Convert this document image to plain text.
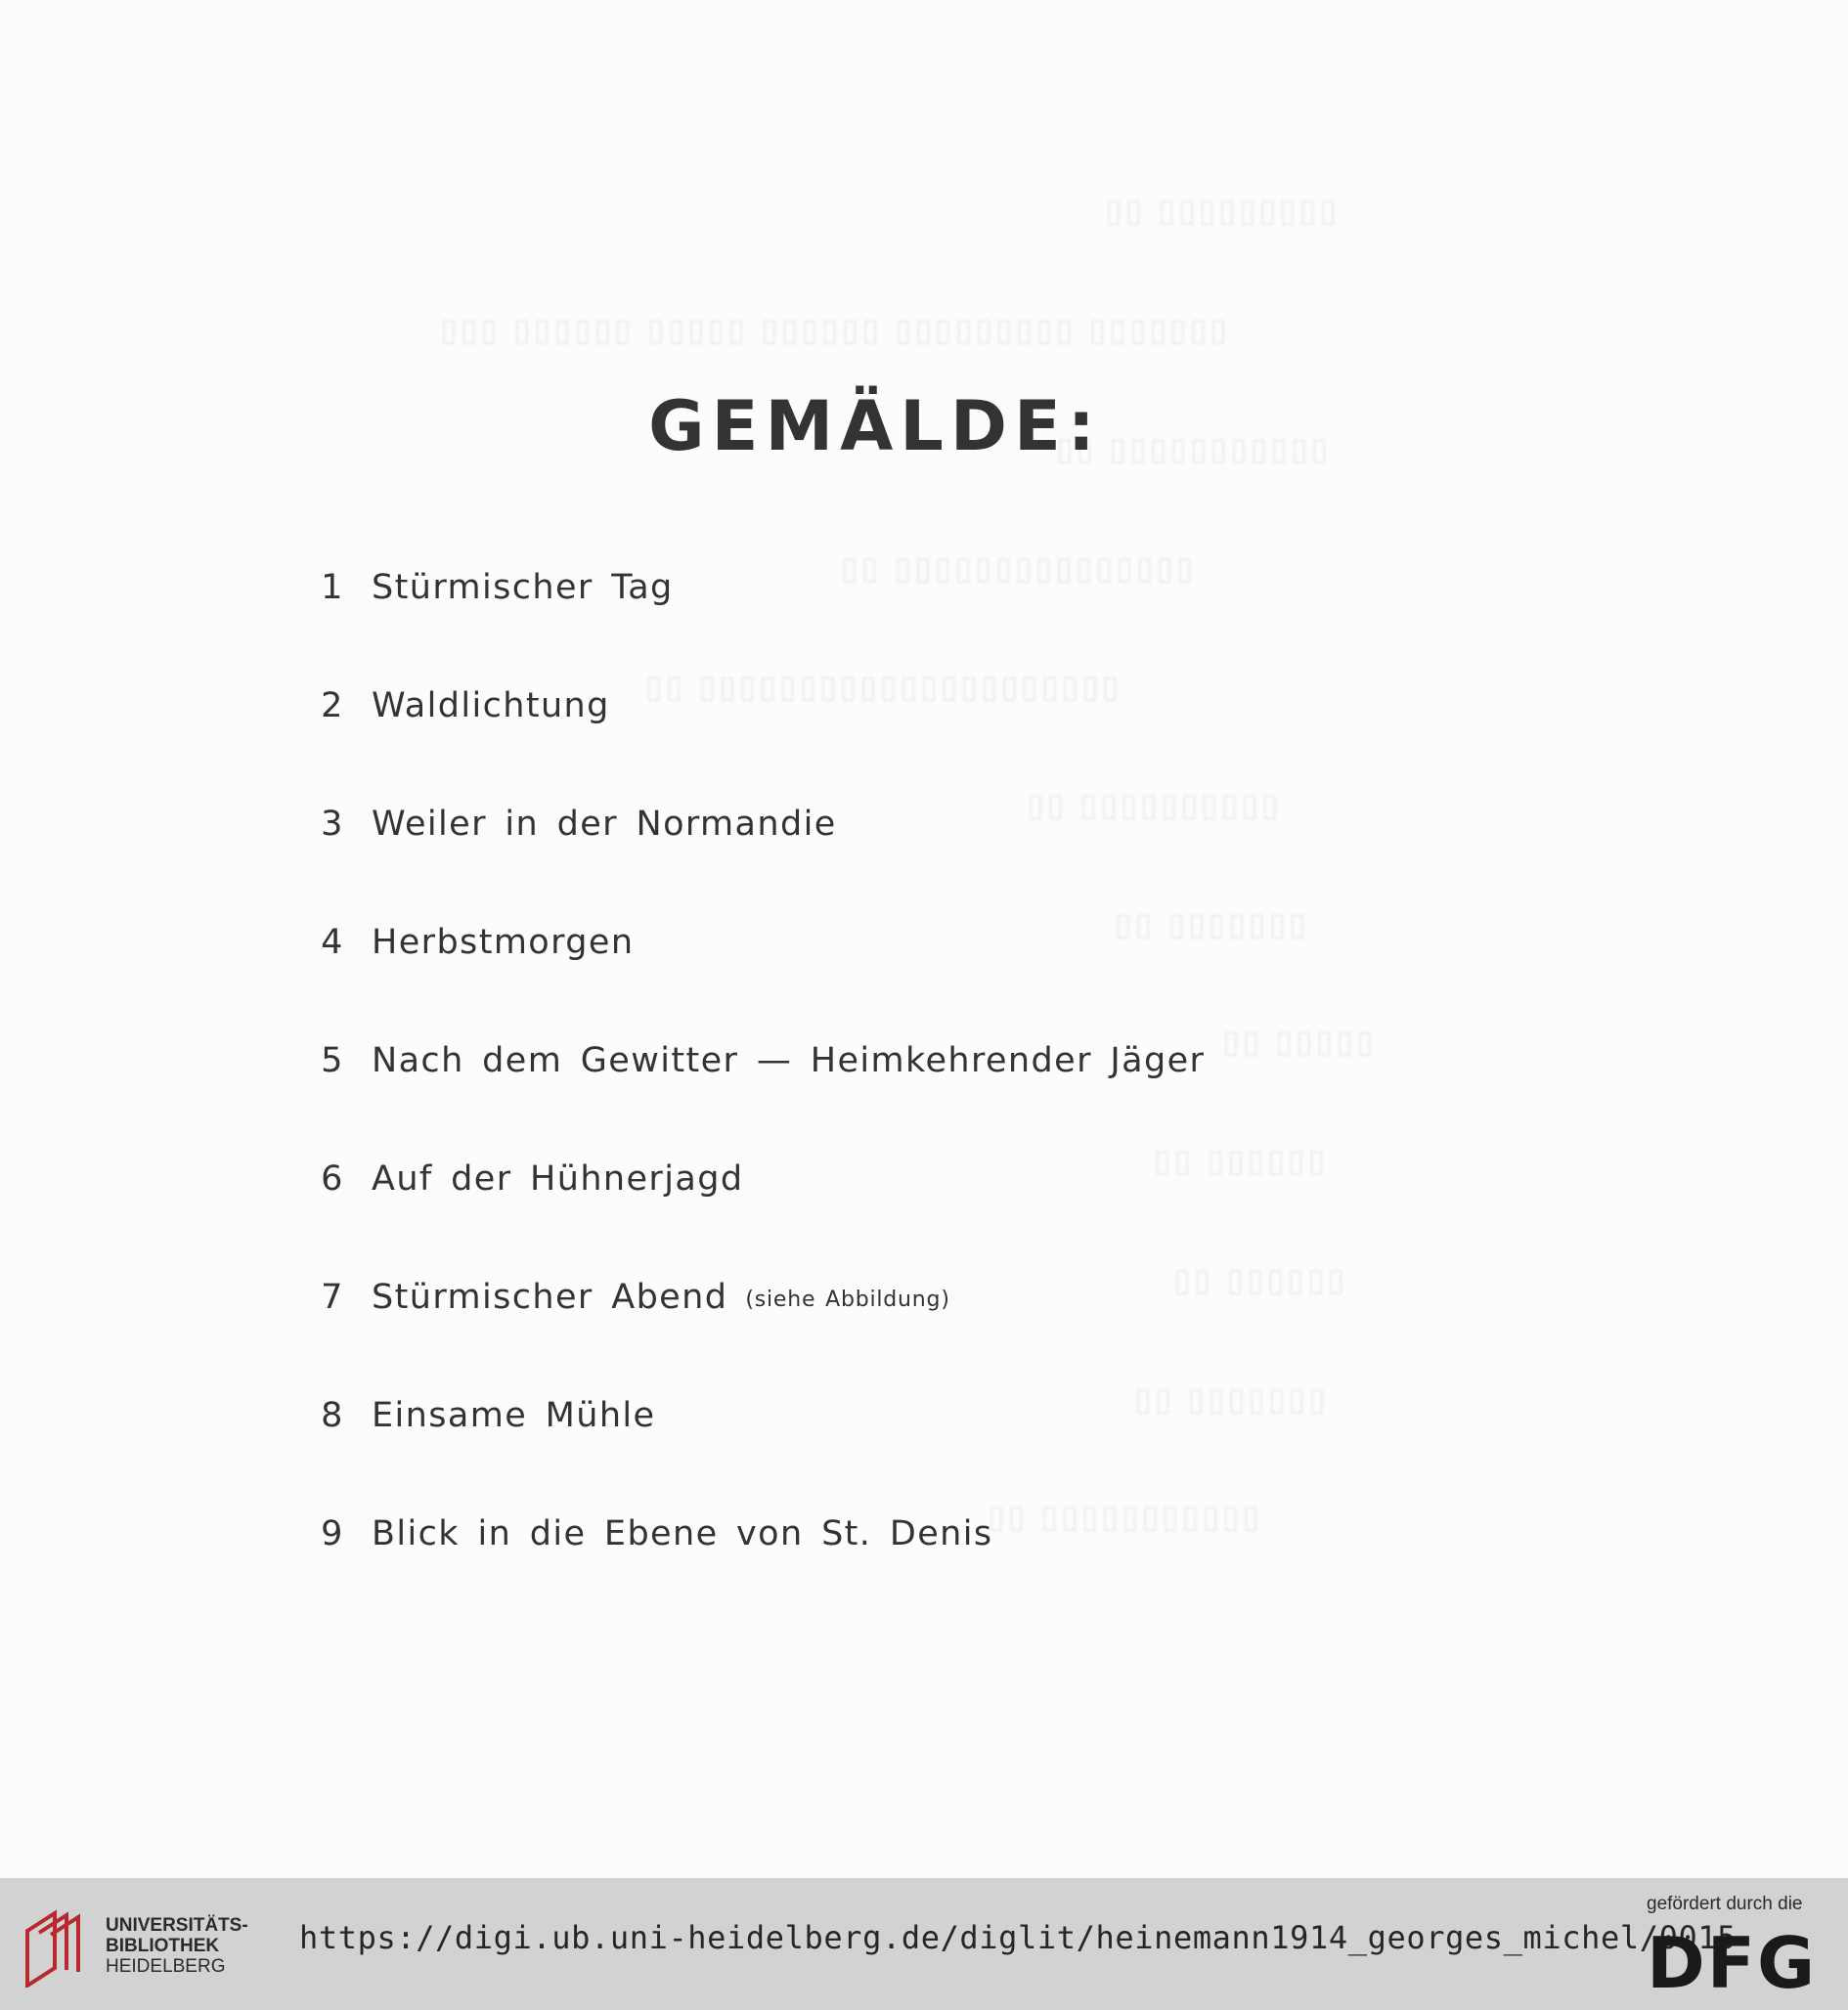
▯▯ ▯▯▯▯▯▯▯▯▯
▯▯▯ ▯▯▯▯▯▯ ▯▯▯▯▯ ▯▯▯▯▯▯ ▯▯▯▯▯▯▯▯▯ ▯▯▯▯▯▯▯
▯▯ ▯▯▯▯▯▯▯▯▯▯▯
▯▯ ▯▯▯▯▯▯▯▯▯▯▯▯▯▯▯
▯▯ ▯▯▯▯▯▯▯▯▯▯▯▯▯▯▯▯▯▯▯▯▯
▯▯ ▯▯▯▯▯▯▯▯▯▯
▯▯ ▯▯▯▯▯▯▯
▯▯ ▯▯▯▯▯
▯▯ ▯▯▯▯▯▯
▯▯ ▯▯▯▯▯▯
▯▯ ▯▯▯▯▯▯▯
▯▯ ▯▯▯▯▯▯▯▯▯▯▯
GEMÄLDE:
1 Stürmischer Tag
2 Waldlichtung
3 Weiler in der Normandie
4 Herbstmorgen
5 Nach dem Gewitter — Heimkehrender Jäger
6 Auf der Hühnerjagd
7 Stürmischer Abend (siehe Abbildung)
8 Einsame Mühle
9 Blick in die Ebene von St. Denis
UNIVERSITÄTS-
BIBLIOTHEK
HEIDELBERG
https://digi.ub.uni-heidelberg.de/diglit/heinemann1914_georges_michel/0015
gefördert durch die
DFG
